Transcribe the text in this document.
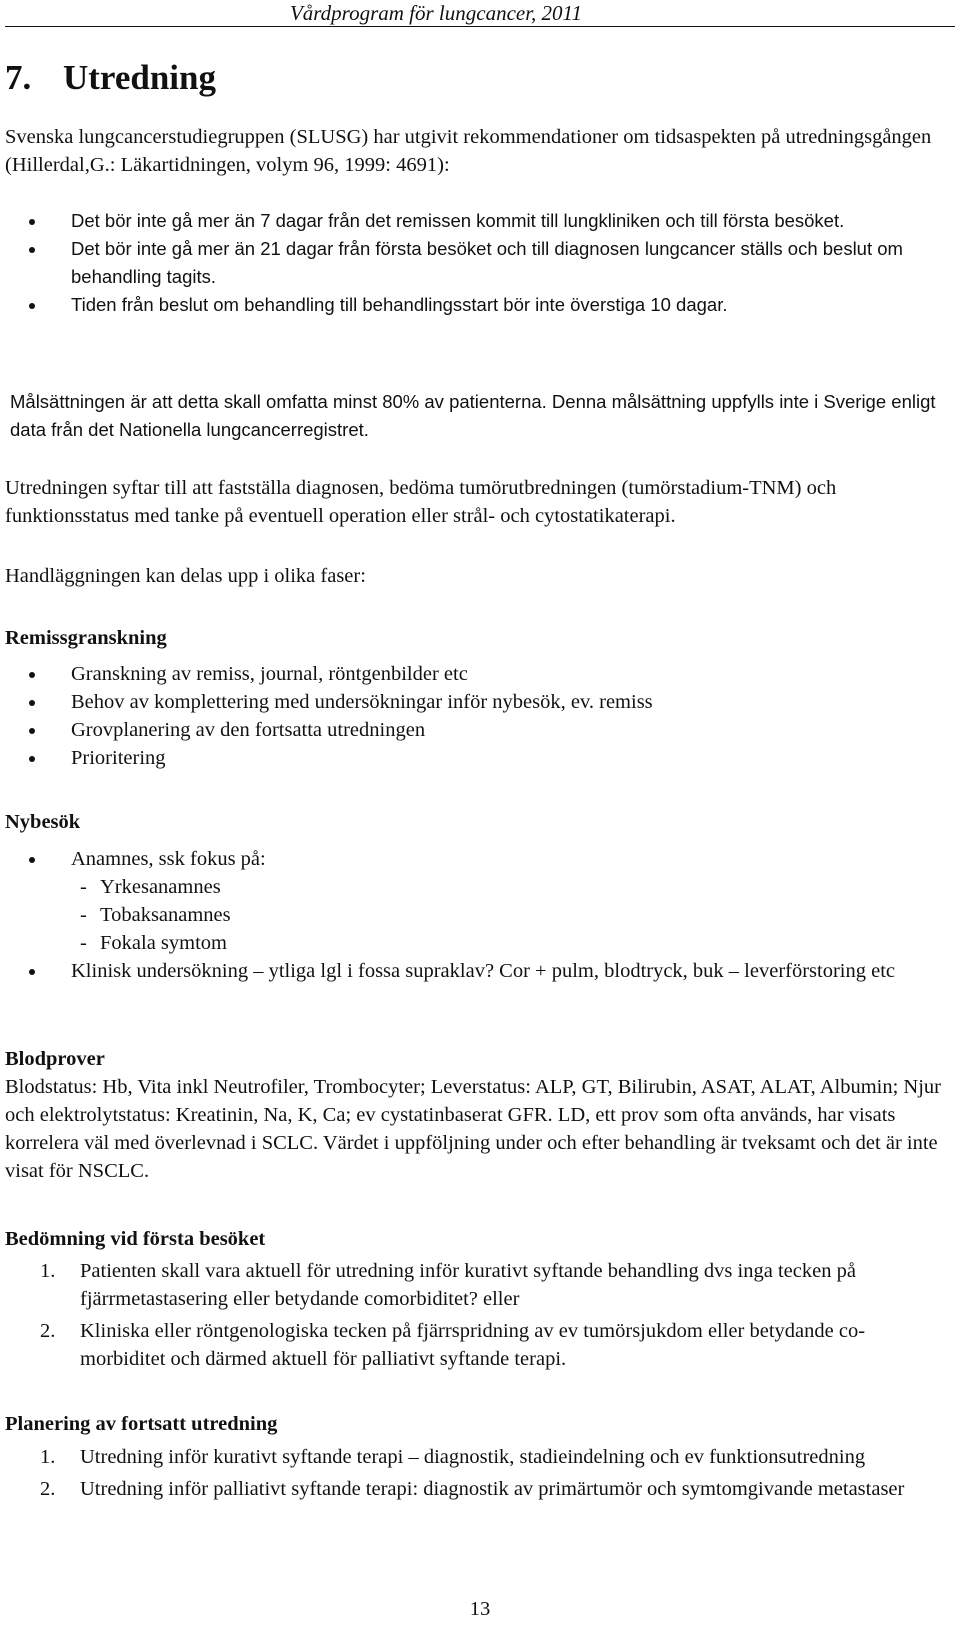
Vårdprogram för lungcancer, 2011
7. Utredning

Svenska lungcancerstudiegruppen (SLUSG) har utgivit rekommendationer om tidsaspekten på utredningsgången (Hillerdal,G.: Läkartidningen, volym 96, 1999: 4691):

Det bör inte gå mer än 7 dagar från det remissen kommit till lungkliniken och till första besöket.
Det bör inte gå mer än 21 dagar från första besöket och till diagnosen lungcancer ställs och beslut om behandling tagits.
Tiden från beslut om behandling till behandlingsstart bör inte överstiga 10 dagar.

Målsättningen är att detta skall omfatta minst 80% av patienterna. Denna målsättning uppfylls inte i Sverige enligt data från det Nationella lungcancerregistret.

Utredningen syftar till att fastställa diagnosen, bedöma tumörutbredningen (tumörstadium-TNM) och funktionsstatus med tanke på eventuell operation eller strål- och cytostatikaterapi.

Handläggningen kan delas upp i olika faser:

Remissgranskning
Granskning av remiss, journal, röntgenbilder etc
Behov av komplettering med undersökningar inför nybesök, ev. remiss
Grovplanering av den fortsatta utredningen
Prioritering
Nybesök
Anamnes, ssk fokus på:
- Yrkesanamnes
- Tobaksanamnes
- Fokala symtom
Klinisk undersökning – ytliga lgl i fossa supraklav? Cor + pulm, blodtryck, buk – leverförstoring etc
Blodprover

Blodstatus: Hb, Vita inkl Neutrofiler, Trombocyter; Leverstatus: ALP, GT, Bilirubin, ASAT, ALAT, Albumin; Njur och elektrolytstatus: Kreatinin, Na, K, Ca; ev cystatinbaserat GFR. LD, ett prov som ofta används, har visats korrelera väl med överlevnad i SCLC. Värdet i uppföljning under och efter behandling är tveksamt och det är inte visat för NSCLC.

Bedömning vid första besöket
1. Patienten skall vara aktuell för utredning inför kurativt syftande behandling dvs inga tecken på fjärrmetastasering eller betydande comorbiditet? eller
2. Kliniska eller röntgenologiska tecken på fjärrspridning av ev tumörsjukdom eller betydande co-morbiditet och därmed aktuell för palliativt syftande terapi.
Planering av fortsatt utredning
1. Utredning inför kurativt syftande terapi – diagnostik, stadieindelning och ev funktionsutredning
2. Utredning inför palliativt syftande terapi: diagnostik av primärtumör och symtomgivande metastaser
13
